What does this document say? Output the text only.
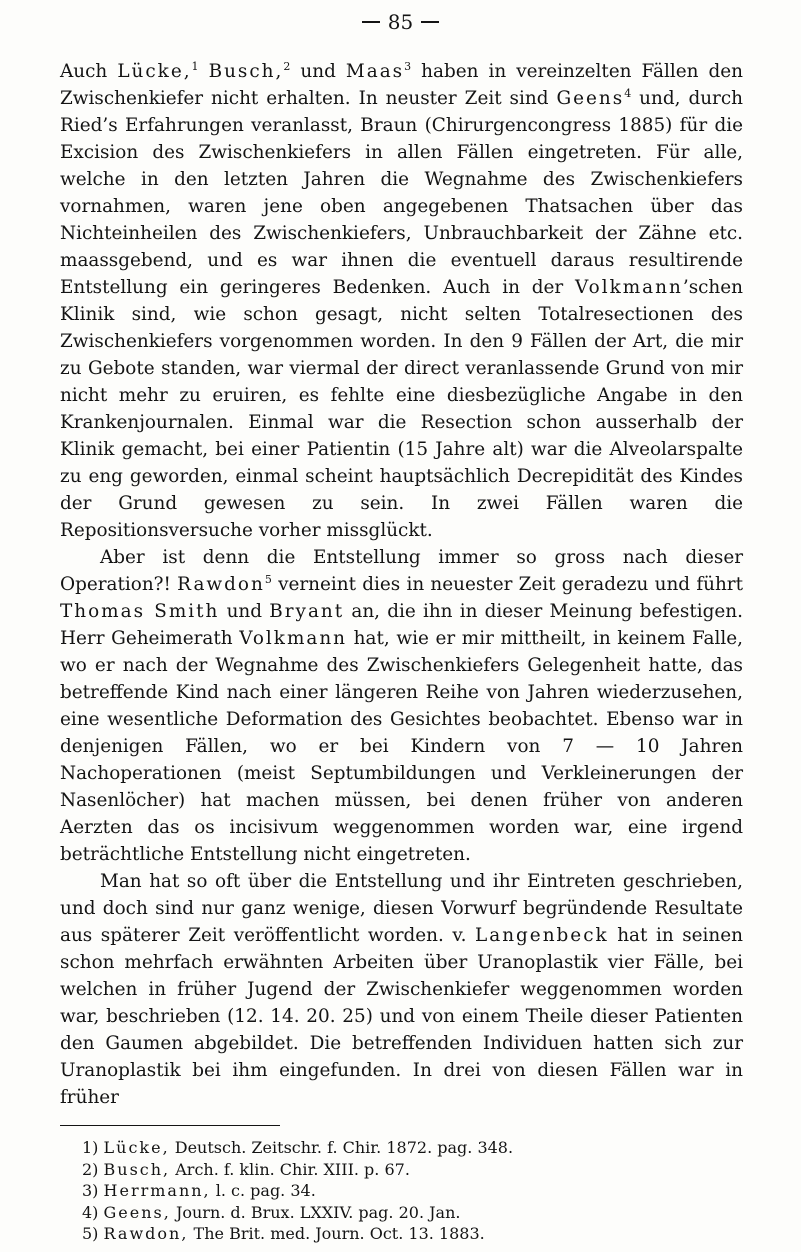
85

Auch Lücke,$^1$ Busch,$^2$ und Maas$^3$ haben in vereinzelten Fällen den Zwischenkiefer nicht erhalten. In neuster Zeit sind Geens$^4$ und, durch Ried’s Erfahrungen veranlasst, Braun (Chirurgencongress 1885) für die Excision des Zwischenkiefers in allen Fällen eingetreten. Für alle, welche in den letzten Jahren die Wegnahme des Zwischenkiefers vornahmen, waren jene oben angegebenen Thatsachen über das Nichteinheilen des Zwischenkiefers, Unbrauchbarkeit der Zähne etc. maassgebend, und es war ihnen die eventuell daraus resultirende Entstellung ein geringeres Bedenken. Auch in der Volkmann’schen Klinik sind, wie schon gesagt, nicht selten Totalresectionen des Zwischenkiefers vorgenommen worden. In den 9 Fällen der Art, die mir zu Gebote standen, war viermal der direct veranlassende Grund von mir nicht mehr zu eruiren, es fehlte eine diesbezügliche Angabe in den Krankenjournalen. Einmal war die Resection schon ausserhalb der Klinik gemacht, bei einer Patientin (15 Jahre alt) war die Alveolarspalte zu eng geworden, einmal scheint hauptsächlich Decrepidität des Kindes der Grund gewesen zu sein. In zwei Fällen waren die Repositionsversuche vorher missglückt.

Aber ist denn die Entstellung immer so gross nach dieser Operation?! Rawdon$^5$ verneint dies in neuester Zeit geradezu und führt Thomas Smith und Bryant an, die ihn in dieser Meinung befestigen. Herr Geheimerath Volkmann hat, wie er mir mittheilt, in keinem Falle, wo er nach der Wegnahme des Zwischenkiefers Gelegenheit hatte, das betreffende Kind nach einer längeren Reihe von Jahren wiederzusehen, eine wesentliche Deformation des Gesichtes beobachtet. Ebenso war in denjenigen Fällen, wo er bei Kindern von 7 — 10 Jahren Nachoperationen (meist Septumbildungen und Verkleinerungen der Nasenlöcher) hat machen müssen, bei denen früher von anderen Aerzten das os incisivum weggenommen worden war, eine irgend beträchtliche Entstellung nicht eingetreten.

Man hat so oft über die Entstellung und ihr Eintreten geschrieben, und doch sind nur ganz wenige, diesen Vorwurf begründende Resultate aus späterer Zeit veröffentlicht worden. v. Langenbeck hat in seinen schon mehrfach erwähnten Arbeiten über Uranoplastik vier Fälle, bei welchen in früher Jugend der Zwischenkiefer weggenommen worden war, beschrieben (12. 14. 20. 25) und von einem Theile dieser Patienten den Gaumen abgebildet. Die betreffenden Individuen hatten sich zur Uranoplastik bei ihm eingefunden. In drei von diesen Fällen war in früher

1) Lücke, Deutsch. Zeitschr. f. Chir. 1872. pag. 348.
2) Busch, Arch. f. klin. Chir. XIII. p. 67.
3) Herrmann, l. c. pag. 34.
4) Geens, Journ. d. Brux. LXXIV. pag. 20. Jan.
5) Rawdon, The Brit. med. Journ. Oct. 13. 1883.
